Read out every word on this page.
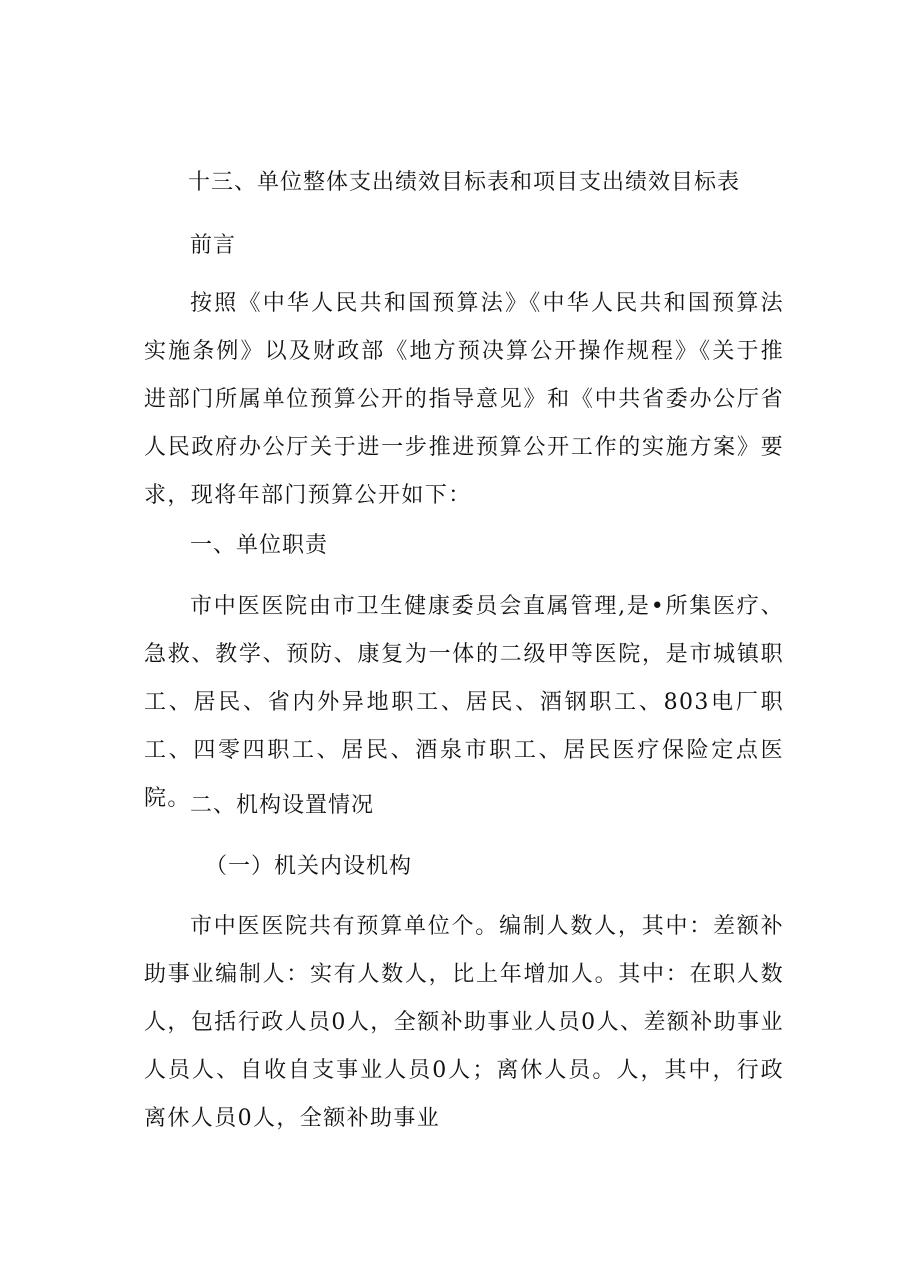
十三、单位整体支出绩效目标表和项目支出绩效目标表
前言
按照《中华人民共和国预算法》《中华人民共和国预算法实施条例》以及财政部《地方预决算公开操作规程》《关于推进部门所属单位预算公开的指导意见》和《中共省委办公厅省人民政府办公厅关于进一步推进预算公开工作的实施方案》要求，现将年部门预算公开如下：
一、单位职责
市中医医院由市卫生健康委员会直属管理,是•所集医疗、急救、教学、预防、康复为一体的二级甲等医院，是市城镇职工、居民、省内外异地职工、居民、酒钢职工、803电厂职工、四零四职工、居民、酒泉市职工、居民医疗保险定点医院。 二、机构设置情况
（一）机关内设机构
市中医医院共有预算单位个。编制人数人，其中：差额补助事业编制人：实有人数人，比上年增加人。其中：在职人数人，包括行政人员0人，全额补助事业人员0人、差额补助事业人员人、自收自支事业人员0人；离休人员。人，其中，行政离休人员0人，全额补助事业
